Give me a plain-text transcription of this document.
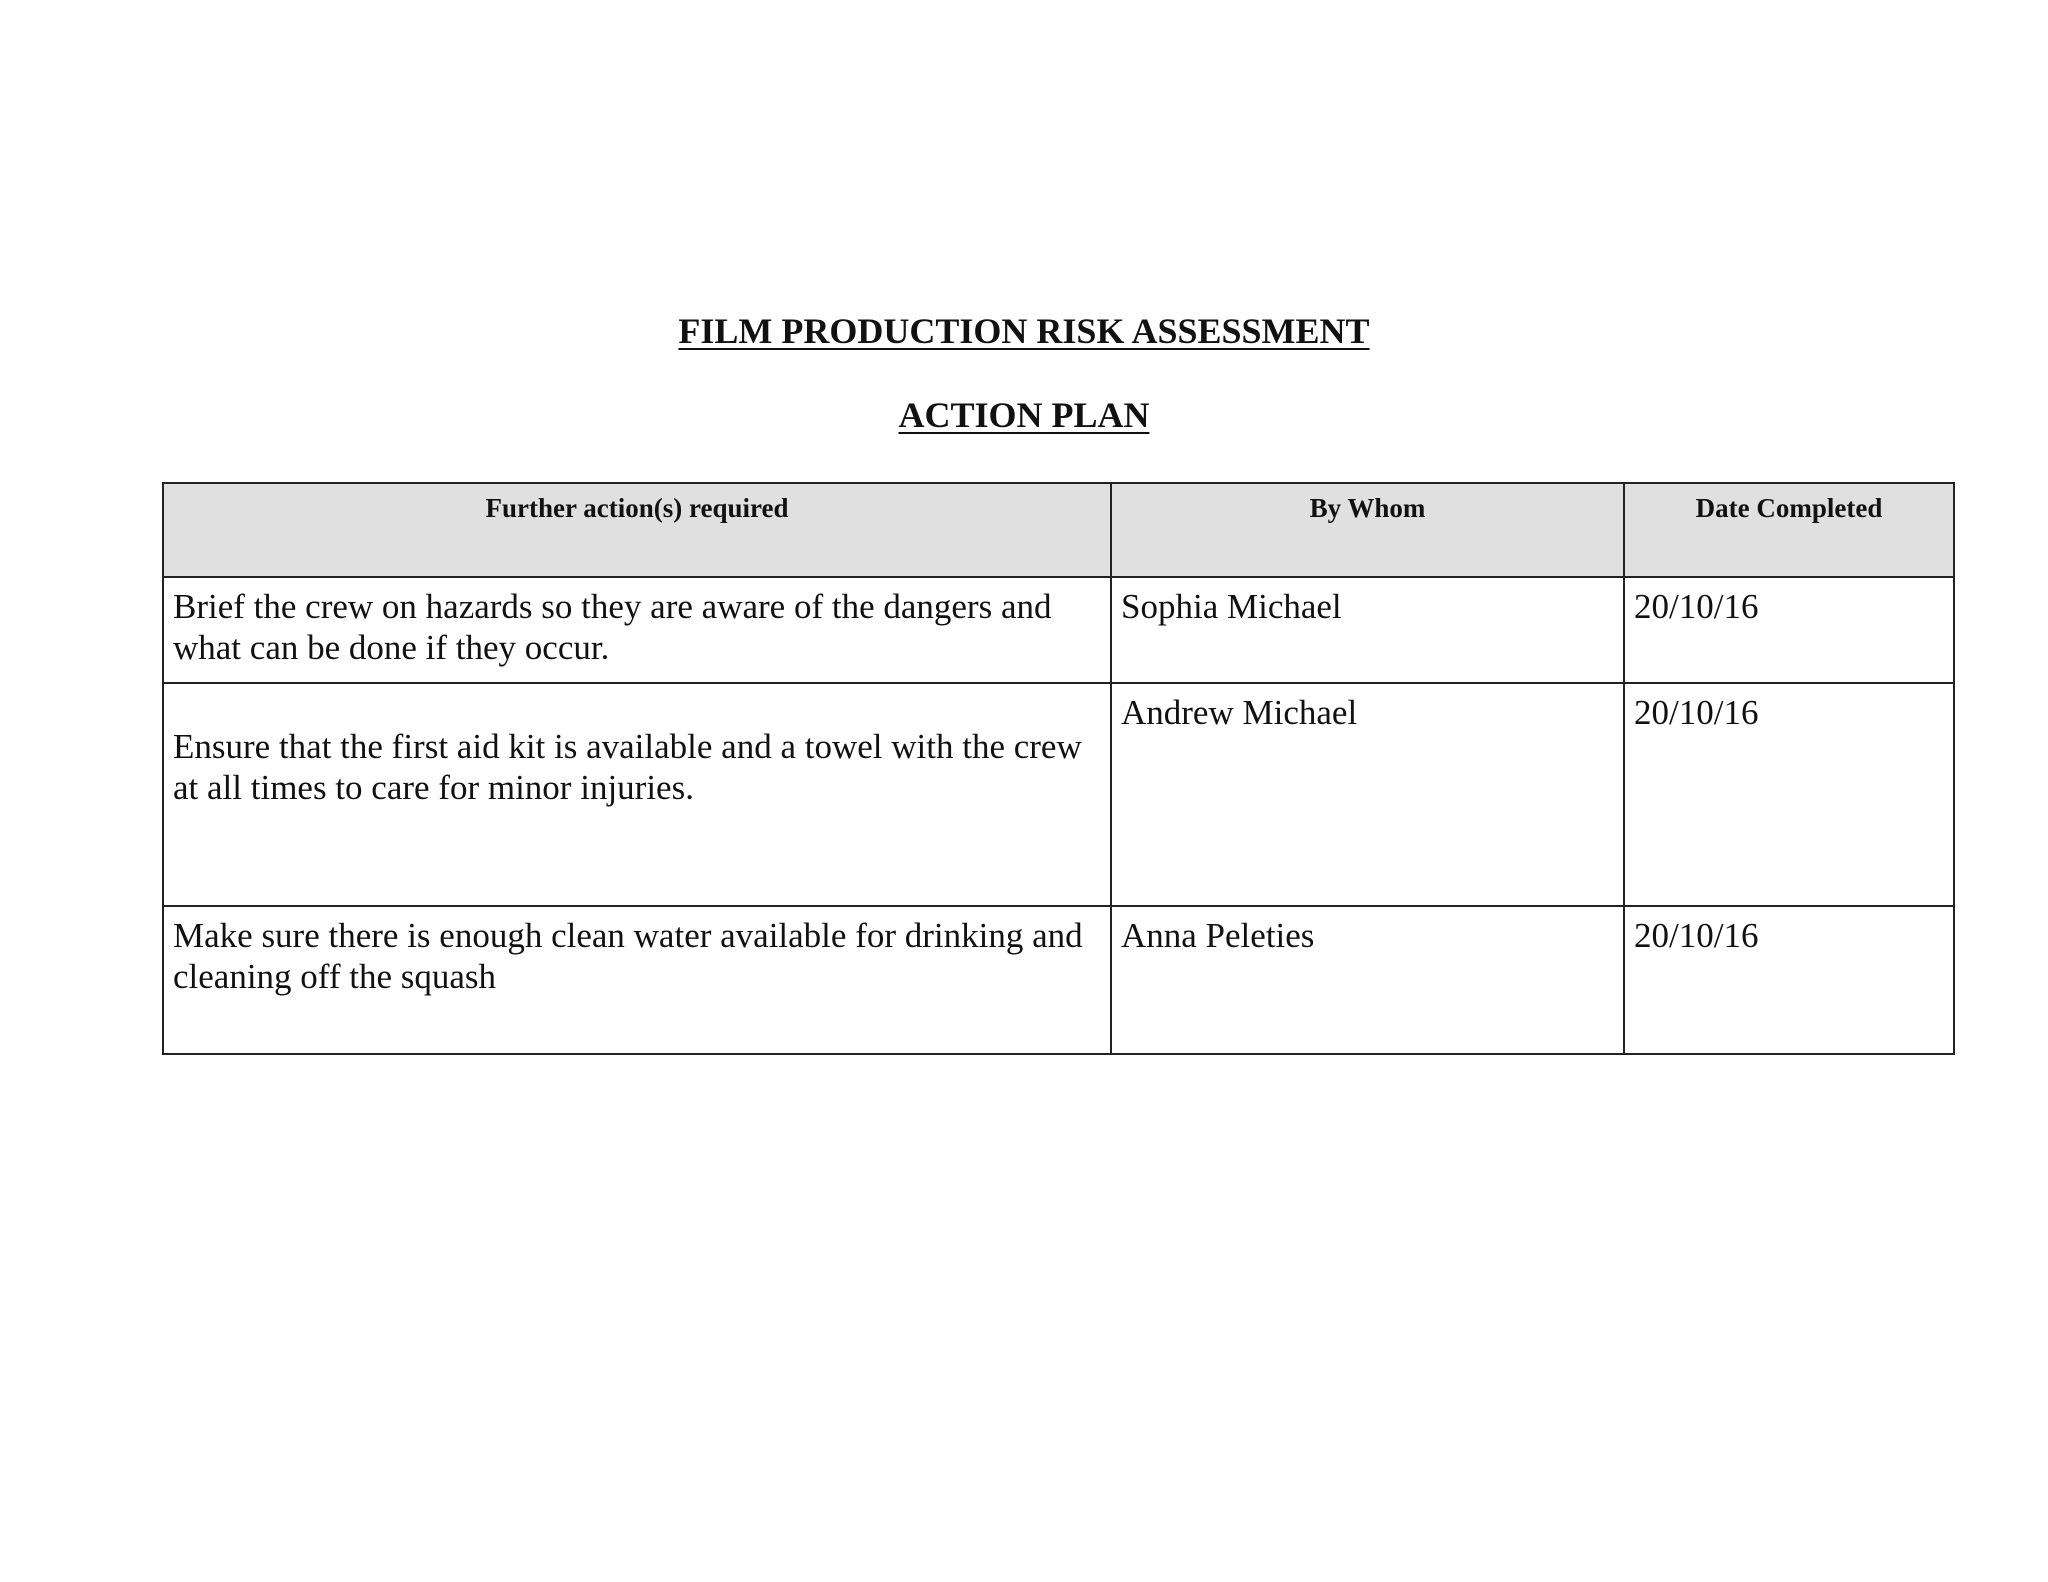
FILM PRODUCTION RISK ASSESSMENT
ACTION PLAN
Further action(s) required	By Whom	Date Completed
Brief the crew on hazards so they are aware of the dangers and what can be done if they occur.	Sophia Michael	20/10/16
Ensure that the first aid kit is available and a towel with the crew at all times to care for minor injuries.	Andrew Michael	20/10/16
Make sure there is enough clean water available for drinking and cleaning off the squash	Anna Peleties	20/10/16
